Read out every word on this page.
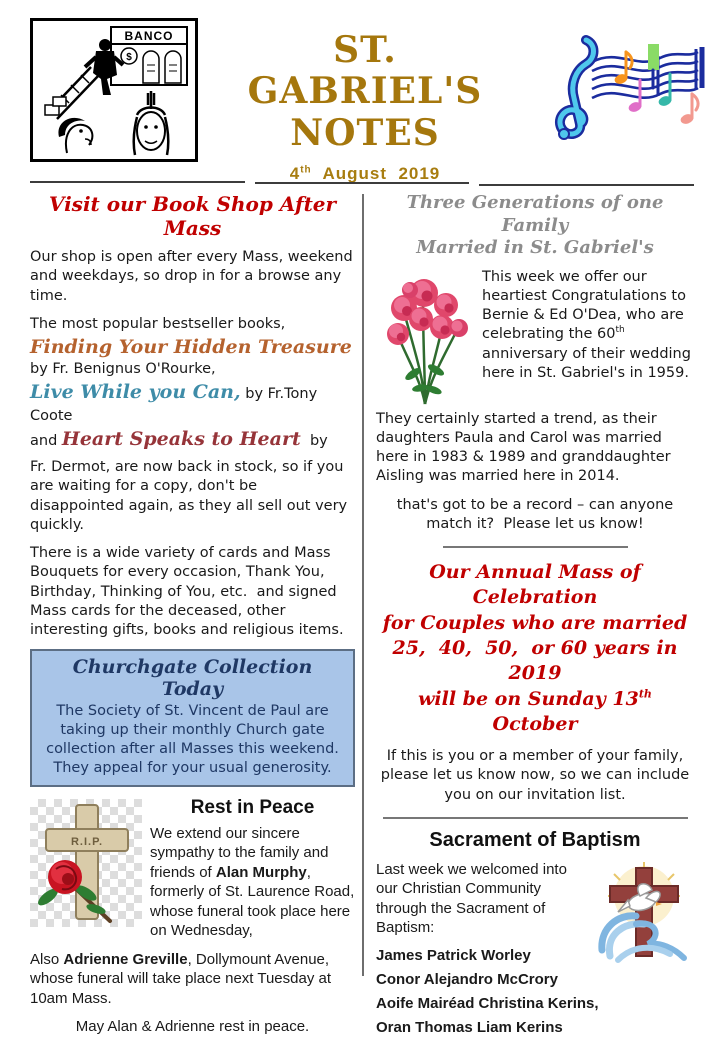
BANCO
$	ST. GABRIEL'S
NOTES
4th  August  2019
Visit our Book Shop After Mass

Our shop is open after every Mass, weekend and weekdays, so drop in for a browse any time.

The most popular bestseller books,

Finding Your Hidden Treasure
by Fr. Benignus O'Rourke,
Live While you Can, by Fr.Tony Coote
and Heart Speaks to Heart  by

Fr. Dermot, are now back in stock, so if you are waiting for a copy, don't be disappointed again, as they all sell out very quickly.

There is a wide variety of cards and Mass Bouquets for every occasion, Thank You, Birthday, Thinking of You, etc.  and signed Mass cards for the deceased, other interesting gifts, books and religious items.

Churchgate Collection Today
The Society of St. Vincent de Paul are taking up their monthly Church gate collection after all Masses this weekend. They appeal for your usual generosity.
R.I.P.
Rest in Peace

We extend our sincere sympathy to the family and friends of Alan Murphy, formerly of St. Laurence Road, whose funeral took place here on Wednesday,

Also Adrienne Greville, Dollymount Avenue, whose funeral will take place next Tuesday at 10am Mass.

May Alan & Adrienne rest in peace.

Three Generations of one Family
Married in St. Gabriel's

This week we offer our heartiest Congratulations to Bernie & Ed O'Dea, who are celebrating the 60th anniversary of their wedding here in St. Gabriel's in 1959.

They certainly started a trend, as their daughters Paula and Carol was married here in 1983 & 1989 and granddaughter Aisling was married here in 2014.

that's got to be a record – can anyone match it?  Please let us know!

Our Annual Mass of Celebration
for Couples who are married
25,  40,  50,  or 60 years in 2019
will be on Sunday 13th October

If this is you or a member of your family, please let us know now, so we can include you on our invitation list.

Sacrament of Baptism

Last week we welcomed into our Christian Community through the Sacrament of Baptism:

James Patrick Worley
Conor Alejandro McCrory
Aoife Mairéad Christina Kerins,
Oran Thomas Liam Kerins
